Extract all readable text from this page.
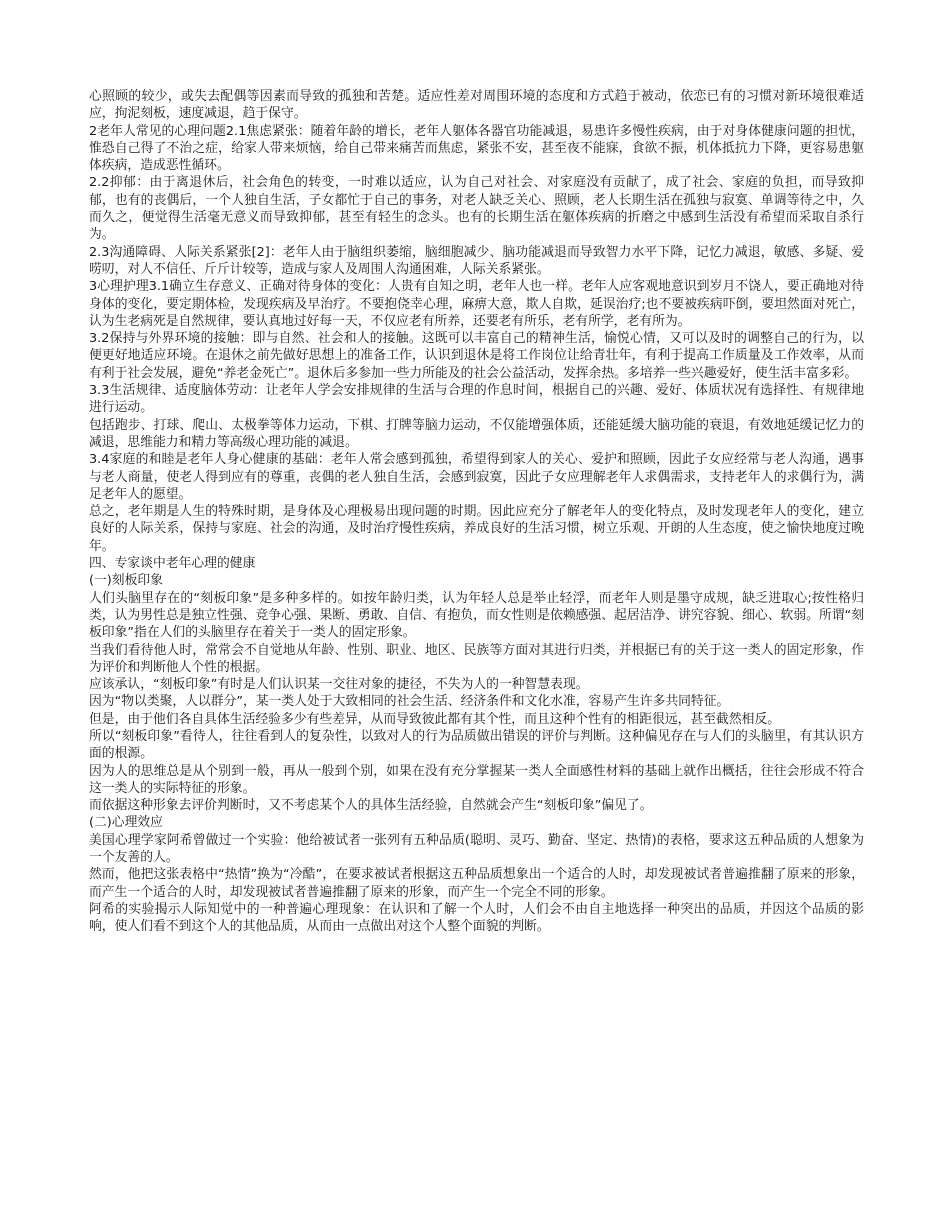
心照顾的较少，或失去配偶等因素而导致的孤独和苦楚。适应性差对周围环境的态度和方式趋于被动，依恋已有的习惯对新环境很难适应，拘泥刻板，速度减退，趋于保守。

2老年人常见的心理问题2.1焦虑紧张：随着年龄的增长，老年人躯体各器官功能减退，易患许多慢性疾病，由于对身体健康问题的担忧，惟恐自己得了不治之症，给家人带来烦恼，给自己带来痛苦而焦虑，紧张不安，甚至夜不能寐，食欲不振，机体抵抗力下降，更容易患躯体疾病，造成恶性循环。

2.2抑郁：由于离退休后，社会角色的转变，一时难以适应，认为自己对社会、对家庭没有贡献了，成了社会、家庭的负担，而导致抑郁，也有的丧偶后，一个人独自生活，子女都忙于自己的事务，对老人缺乏关心、照顾，老人长期生活在孤独与寂寞、单调等待之中，久而久之，便觉得生活毫无意义而导致抑郁，甚至有轻生的念头。也有的长期生活在躯体疾病的折磨之中感到生活没有希望而采取自杀行为。

2.3沟通障碍、人际关系紧张[2]：老年人由于脑组织萎缩，脑细胞减少、脑功能减退而导致智力水平下降，记忆力减退，敏感、多疑、爱唠叨，对人不信任、斤斤计较等，造成与家人及周围人沟通困难，人际关系紧张。

3心理护理3.1确立生存意义、正确对待身体的变化：人贵有自知之明，老年人也一样。老年人应客观地意识到岁月不饶人，要正确地对待身体的变化，要定期体检，发现疾病及早治疗。不要抱侥幸心理，麻痹大意，欺人自欺，延误治疗;也不要被疾病吓倒，要坦然面对死亡，认为生老病死是自然规律，要认真地过好每一天，不仅应老有所养，还要老有所乐，老有所学，老有所为。

3.2保持与外界环境的接触：即与自然、社会和人的接触。这既可以丰富自己的精神生活，愉悦心情，又可以及时的调整自己的行为，以便更好地适应环境。在退休之前先做好思想上的准备工作，认识到退休是将工作岗位让给青壮年，有利于提高工作质量及工作效率，从而有利于社会发展，避免“养老金死亡”。退休后多参加一些力所能及的社会公益活动，发挥余热。多培养一些兴趣爱好，使生活丰富多彩。

3.3生活规律、适度脑体劳动：让老年人学会安排规律的生活与合理的作息时间，根据自己的兴趣、爱好、体质状况有选择性、有规律地进行运动。

包括跑步、打球、爬山、太极拳等体力运动，下棋、打牌等脑力运动，不仅能增强体质，还能延缓大脑功能的衰退，有效地延缓记忆力的减退，思维能力和精力等高级心理功能的减退。

3.4家庭的和睦是老年人身心健康的基础：老年人常会感到孤独，希望得到家人的关心、爱护和照顾，因此子女应经常与老人沟通，遇事与老人商量，使老人得到应有的尊重，丧偶的老人独自生活，会感到寂寞，因此子女应理解老年人求偶需求，支持老年人的求偶行为，满足老年人的愿望。

总之，老年期是人生的特殊时期，是身体及心理极易出现问题的时期。因此应充分了解老年人的变化特点，及时发现老年人的变化，建立良好的人际关系，保持与家庭、社会的沟通，及时治疗慢性疾病，养成良好的生活习惯，树立乐观、开朗的人生态度，使之愉快地度过晚年。

四、专家谈中老年心理的健康

(一)刻板印象

人们头脑里存在的“刻板印象”是多种多样的。如按年龄归类，认为年轻人总是举止轻浮，而老年人则是墨守成规，缺乏进取心;按性格归类，认为男性总是独立性强、竞争心强、果断、勇敢、自信、有抱负，而女性则是依赖感强、起居洁净、讲究容貌、细心、软弱。所谓“刻板印象”指在人们的头脑里存在着关于一类人的固定形象。

当我们看待他人时，常常会不自觉地从年龄、性别、职业、地区、民族等方面对其进行归类，并根据已有的关于这一类人的固定形象，作为评价和判断他人个性的根据。

应该承认，“刻板印象”有时是人们认识某一交往对象的捷径，不失为人的一种智慧表现。

因为“物以类聚，人以群分”，某一类人处于大致相同的社会生活、经济条件和文化水准，容易产生许多共同特征。

但是，由于他们各自具体生活经验多少有些差异，从而导致彼此都有其个性，而且这种个性有的相距很远，甚至截然相反。

所以“刻板印象”看待人，往往看到人的复杂性，以致对人的行为品质做出错误的评价与判断。这种偏见存在与人们的头脑里，有其认识方面的根源。

因为人的思维总是从个别到一般，再从一般到个别，如果在没有充分掌握某一类人全面感性材料的基础上就作出概括，往往会形成不符合这一类人的实际特征的形象。

而依据这种形象去评价判断时，又不考虑某个人的具体生活经验，自然就会产生“刻板印象”偏见了。

(二)心理效应

美国心理学家阿希曾做过一个实验：他给被试者一张列有五种品质(聪明、灵巧、勤奋、坚定、热情)的表格，要求这五种品质的人想象为一个友善的人。

然而，他把这张表格中“热情”换为“冷酷”，在要求被试者根据这五种品质想象出一个适合的人时，却发现被试者普遍推翻了原来的形象，而产生一个适合的人时，却发现被试者普遍推翻了原来的形象，而产生一个完全不同的形象。

阿希的实验揭示人际知觉中的一种普遍心理现象：在认识和了解一个人时，人们会不由自主地选择一种突出的品质，并因这个品质的影响，使人们看不到这个人的其他品质，从而由一点做出对这个人整个面貌的判断。
